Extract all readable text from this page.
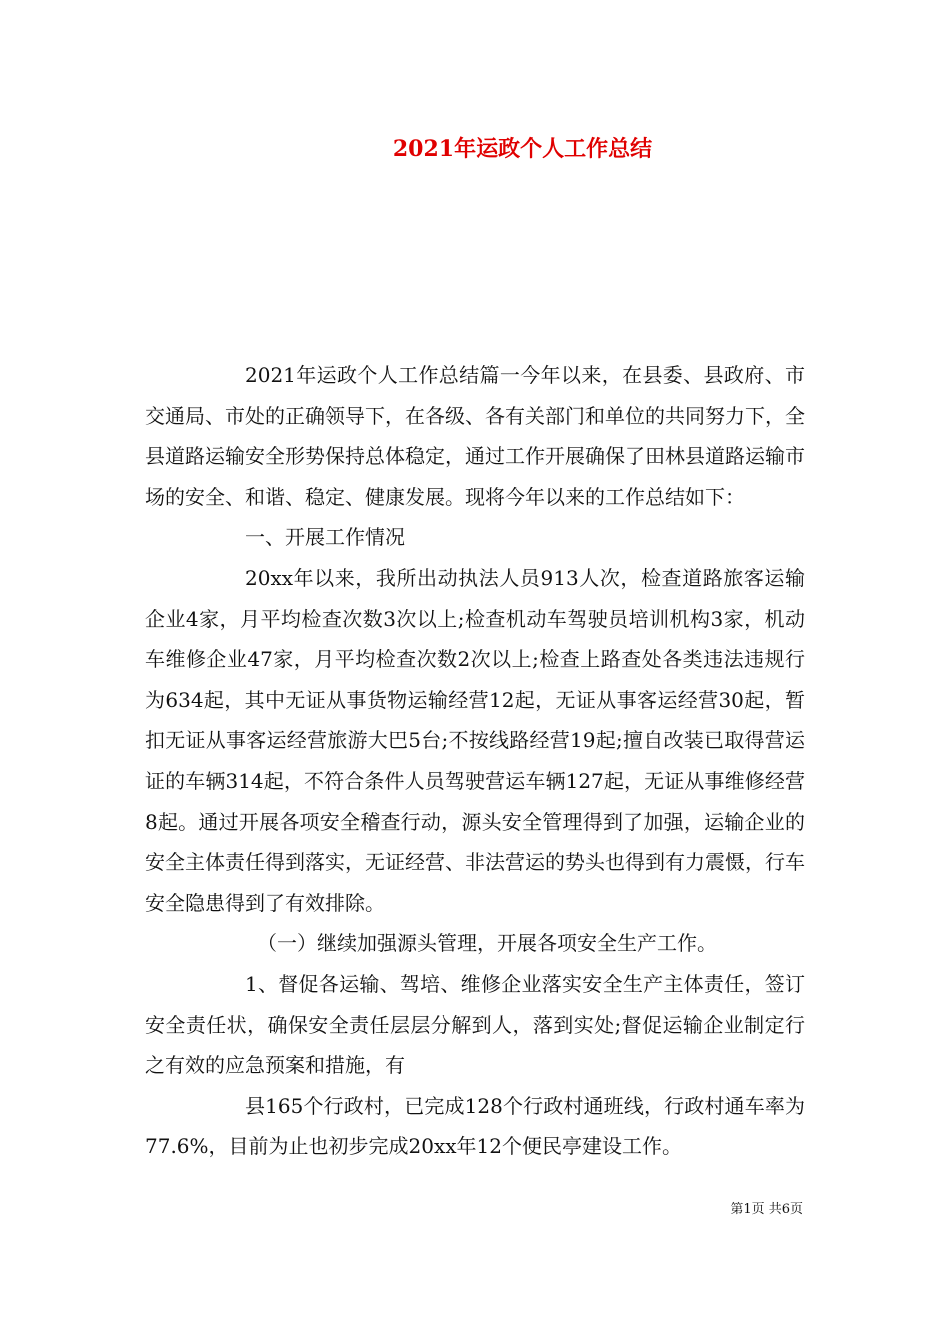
2021年运政个人工作总结

2021年运政个人工作总结篇一今年以来，在县委、县政府、市交通局、市处的正确领导下，在各级、各有关部门和单位的共同努力下，全县道路运输安全形势保持总体稳定，通过工作开展确保了田林县道路运输市场的安全、和谐、稳定、健康发展。现将今年以来的工作总结如下：

一、开展工作情况

20xx年以来，我所出动执法人员913人次，检查道路旅客运输企业4家，月平均检查次数3次以上;检查机动车驾驶员培训机构3家，机动车维修企业47家，月平均检查次数2次以上;检查上路查处各类违法违规行为634起，其中无证从事货物运输经营12起，无证从事客运经营30起，暂扣无证从事客运经营旅游大巴5台;不按线路经营19起;擅自改装已取得营运证的车辆314起，不符合条件人员驾驶营运车辆127起，无证从事维修经营8起。通过开展各项安全稽查行动，源头安全管理得到了加强，运输企业的安全主体责任得到落实，无证经营、非法营运的势头也得到有力震慑，行车安全隐患得到了有效排除。

（一）继续加强源头管理，开展各项安全生产工作。

1、督促各运输、驾培、维修企业落实安全生产主体责任，签订安全责任状，确保安全责任层层分解到人，落到实处;督促运输企业制定行之有效的应急预案和措施，有

县165个行政村，已完成128个行政村通班线，行政村通车率为77.6%，目前为止也初步完成20xx年12个便民亭建设工作。

第1页 共6页
